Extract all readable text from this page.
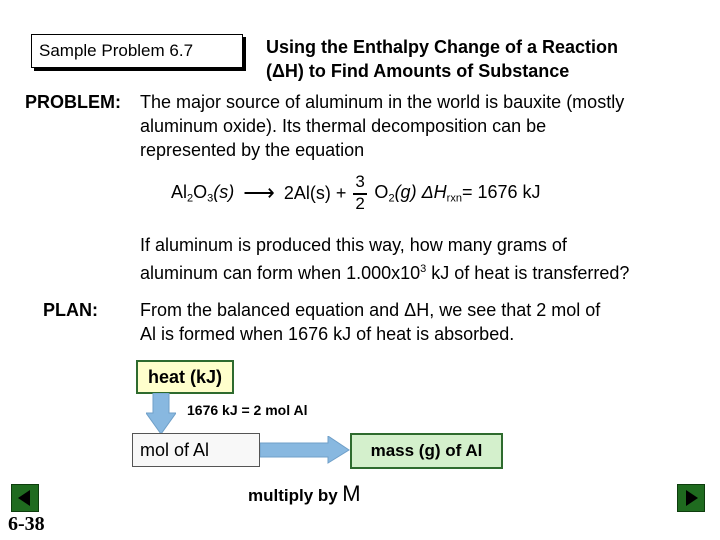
Sample Problem 6.7	Using the Enthalpy Change of a Reaction
(ΔH) to Find Amounts of Substance
PROBLEM: The major source of aluminum in the world is bauxite (mostly
aluminum oxide). Its thermal decomposition can be
represented by the equation
$Al_2O_3(s)$ ⟶ $2Al(s) + \frac{3}{2} O_2(g)$ $\Delta H_{rxn}= 1676$ kJ
If aluminum is produced this way, how many grams of
aluminum can form when $1.000x10^3$ kJ of heat is transferred?
PLAN: From the balanced equation and ΔH, we see that 2 mol of
Al is formed when 1676 kJ of heat is absorbed.
heat (kJ)
1676 kJ = 2 mol Al
mol of Al	mass (g) of Al
multiply by M
6-38
